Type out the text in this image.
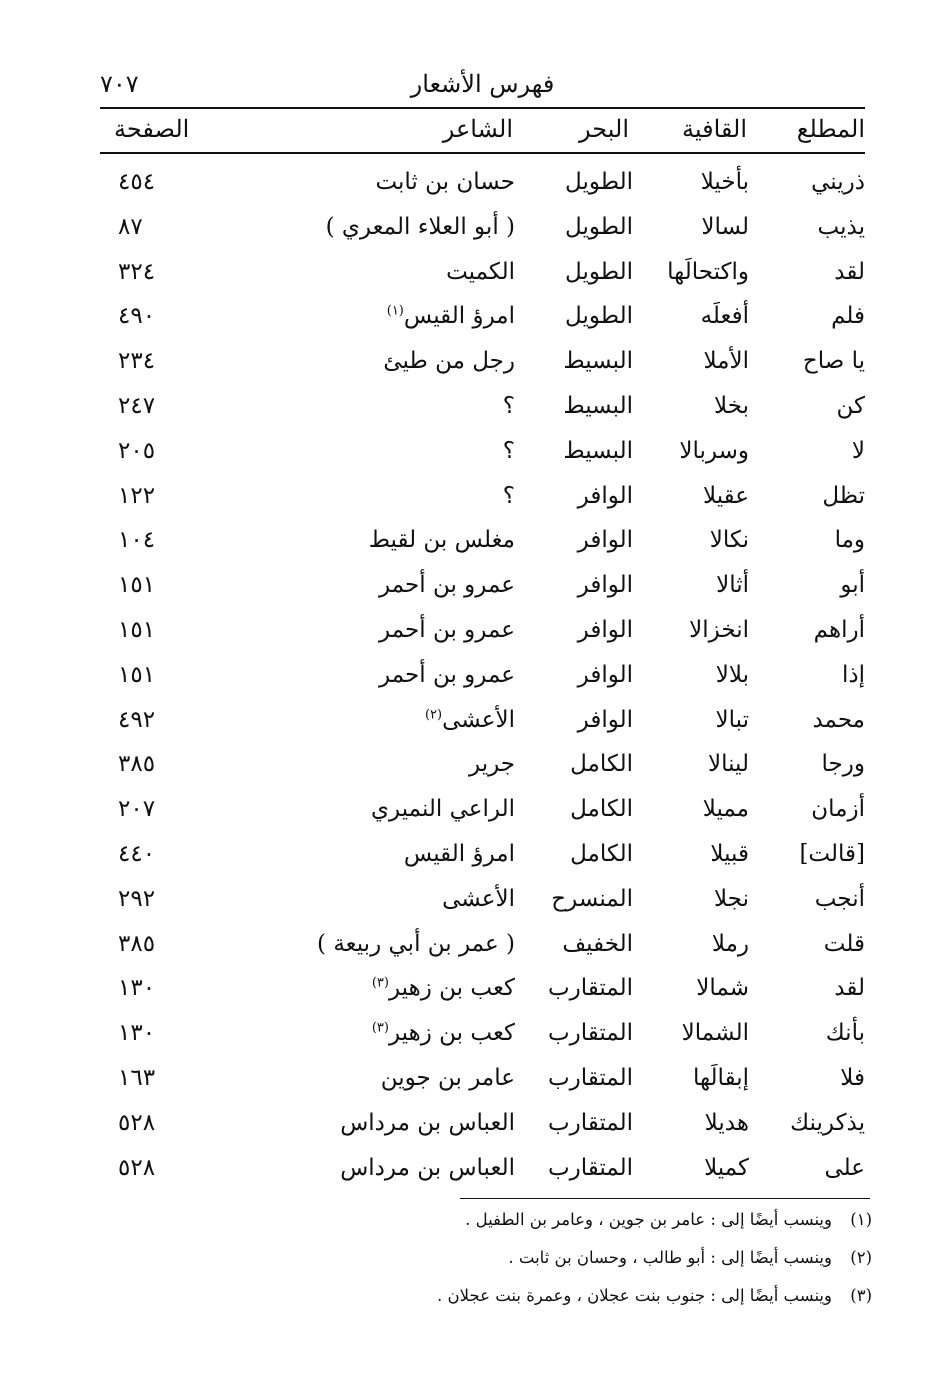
فهرس الأشعار
٧٠٧
المطلع
القافية
البحر
الشاعر
الصفحة
ذريني
بأخيلا
الطويل
حسان بن ثابت
٤٥٤
يذيب
لسالا
الطويل
( أبو العلاء المعري )
٨٧
لقد
واكتحالَها
الطويل
الكميت
٣٢٤
فلم
أفعلَه
الطويل
امرؤ القيس$^{(١)}$
٤٩٠
يا صاح
الأملا
البسيط
رجل من طيئ
٢٣٤
كن
بخلا
البسيط
؟
٢٤٧
لا
وسربالا
البسيط
؟
٢٠٥
تظل
عقيلا
الوافر
؟
١٢٢
وما
نكالا
الوافر
مغلس بن لقيط
١٠٤
أبو
أثالا
الوافر
عمرو بن أحمر
١٥١
أراهم
انخزالا
الوافر
عمرو بن أحمر
١٥١
إذا
بلالا
الوافر
عمرو بن أحمر
١٥١
محمد
تبالا
الوافر
الأعشى$^{(٢)}$
٤٩٢
ورجا
لينالا
الكامل
جرير
٣٨٥
أزمان
مميلا
الكامل
الراعي النميري
٢٠٧
[قالت]
قبيلا
الكامل
امرؤ القيس
٤٤٠
أنجب
نجلا
المنسرح
الأعشى
٢٩٢
قلت
رملا
الخفيف
( عمر بن أبي ربيعة )
٣٨٥
لقد
شمالا
المتقارب
كعب بن زهير$^{(٣)}$
١٣٠
بأنك
الشمالا
المتقارب
كعب بن زهير$^{(٣)}$
١٣٠
فلا
إبقالَها
المتقارب
عامر بن جوين
١٦٣
يذكرينك
هديلا
المتقارب
العباس بن مرداس
٥٢٨
على
كميلا
المتقارب
العباس بن مرداس
٥٢٨
(١)
وينسب أيضًا إلى : عامر بن جوين ، وعامر بن الطفيل .
(٢)
وينسب أيضًا إلى : أبو طالب ، وحسان بن ثابت .
(٣)
وينسب أيضًا إلى : جنوب بنت عجلان ، وعمرة بنت عجلان .
